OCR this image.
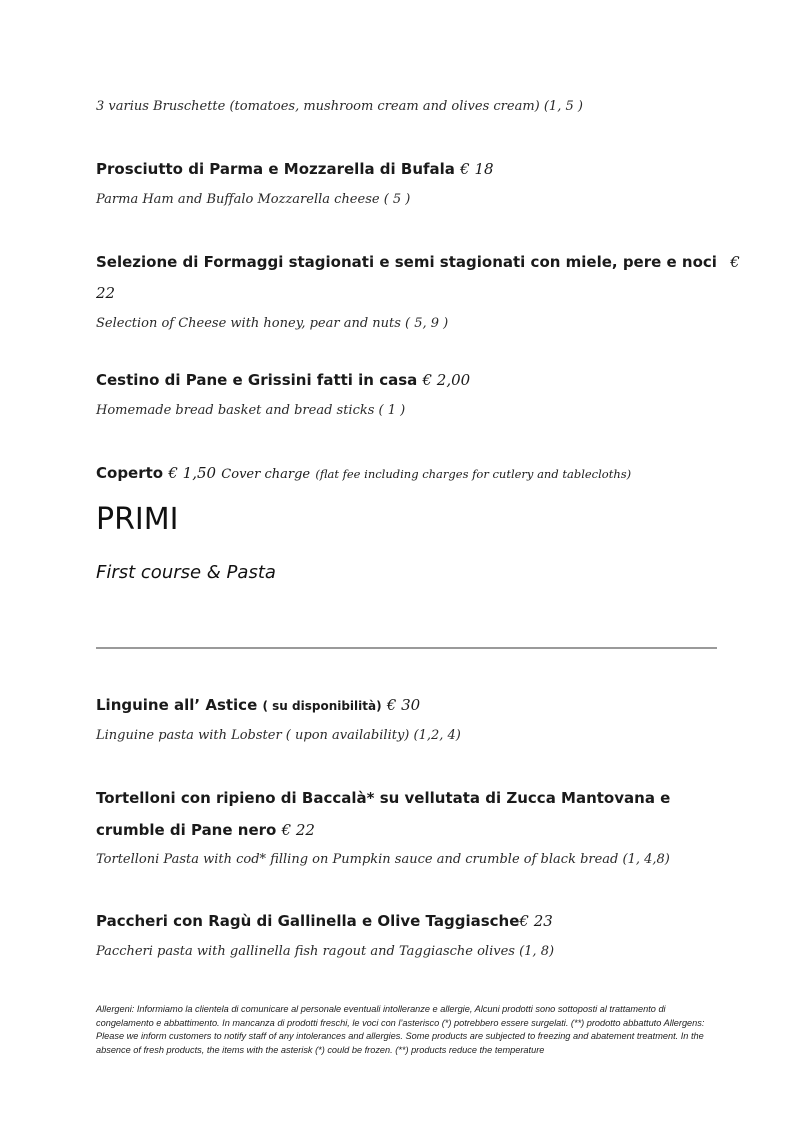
3 varius Bruschette (tomatoes, mushroom cream and olives cream) (1, 5 )
Prosciutto di Parma e Mozzarella di Bufala € 18
Parma Ham and Buffalo Mozzarella cheese ( 5 )
Selezione di Formaggi stagionati e semi stagionati con miele, pere e noci €
22
Selection of Cheese with honey, pear and nuts ( 5, 9 )
Cestino di Pane e Grissini fatti in casa € 2,00
Homemade bread basket and bread sticks ( 1 )
Coperto € 1,50 Cover charge (flat fee including charges for cutlery and tablecloths)
PRIMI
First course & Pasta
Linguine all’ Astice ( su disponibilità) € 30
Linguine pasta with Lobster ( upon availability) (1,2, 4)
Tortelloni con ripieno di Baccalà* su vellutata di Zucca Mantovana e
crumble di Pane nero € 22
Tortelloni Pasta with cod* filling on Pumpkin sauce and crumble of black bread (1, 4,8)
Paccheri con Ragù di Gallinella e Olive Taggiasche€ 23
Paccheri pasta with gallinella fish ragout and Taggiasche olives (1, 8)
Allergeni: Informiamo la clientela di comunicare al personale eventuali intolleranze e allergie, Alcuni prodotti sono sottoposti al trattamento di congelamento e abbattimento. In mancanza di prodotti freschi, le voci con l’asterisco (*) potrebbero essere surgelati. (**) prodotto abbattuto Allergens: Please we inform customers to notify staff of any intolerances and allergies. Some products are subjected to freezing and abatement treatment. In the absence of fresh products, the items with the asterisk (*) could be frozen. (**) products reduce the temperature
